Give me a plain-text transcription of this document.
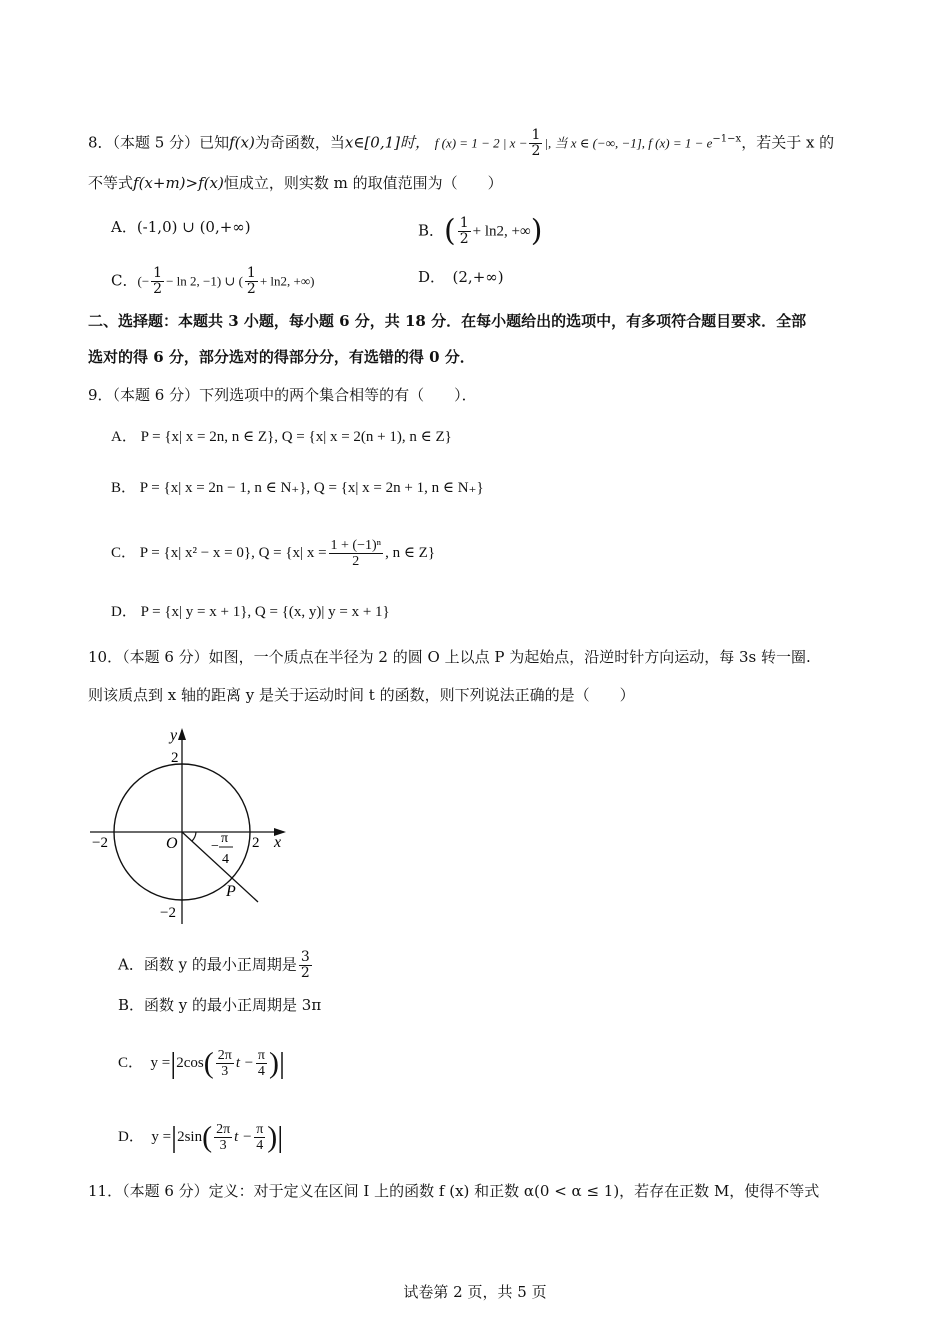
8．（本题 5 分）已知f(x)为奇函数，当x∈[0,1]时， f (x) = 1 − 2 | $x - \frac{1}{2}$ |, 当 x ∈ (−∞, −1], f $(x) = 1 - e^{-1-x}$，若关于 x 的
不等式f(x+m)>f(x)恒成立，则实数 m 的取值范围为（　　）
A．(-1,0) ∪ (0,+∞)	B．( $\frac{1}{2} + \ln 2$, +∞)
C．(− $\frac{1}{2} - \ln 2$, −1) ∪ ( $\frac{1}{2} + \ln 2$, +∞)	D．　(2,+∞)
二、选择题：本题共 3 小题，每小题 6 分，共 18 分．在每小题给出的选项中，有多项符合题目要求．全部
选对的得 6 分，部分选对的得部分分，有选错的得 0 分．
9．（本题 6 分）下列选项中的两个集合相等的有（　　）．
A． P = {x| x = 2n, n ∈ Z}, Q = {x| x = 2(n + 1), n ∈ Z}
B． P = {x| x = 2n − 1, n ∈ N₊}, Q = {x| x = 2n + 1, n ∈ N₊}
C． P = {x| x² − x = 0}, Q = {x| $x = \frac{\text{1 + (−1)ⁿ}}{2}$ , n ∈ Z}
D． P = {x| y = x + 1}, Q = {(x, y)| y = x + 1}
10．（本题 6 分）如图，一个质点在半径为 2 的圆 O 上以点 P 为起始点，沿逆时针方向运动，每 3s 转一圈.
则该质点到 x 轴的距离 y 是关于运动时间 t 的函数，则下列说法正确的是（　　）
y
2
−2	O	2 x
−
π
4
P
−2
A．函数 y 的最小正周期是 $\frac{3}{2}$
B．函数 y 的最小正周期是 3π
C．　$y =|2\cos( \frac{2\pi}{3}$ $t - \frac{\pi}{4}$ )|
D．　$y =|2\sin( \frac{2\pi}{3}$ $t - \frac{\pi}{4}$ )|
11．（本题 6 分）定义：对于定义在区间 I 上的函数 f (x) 和正数 α(0 < α ≤ 1)，若存在正数 M，使得不等式
试卷第 2 页，共 5 页
